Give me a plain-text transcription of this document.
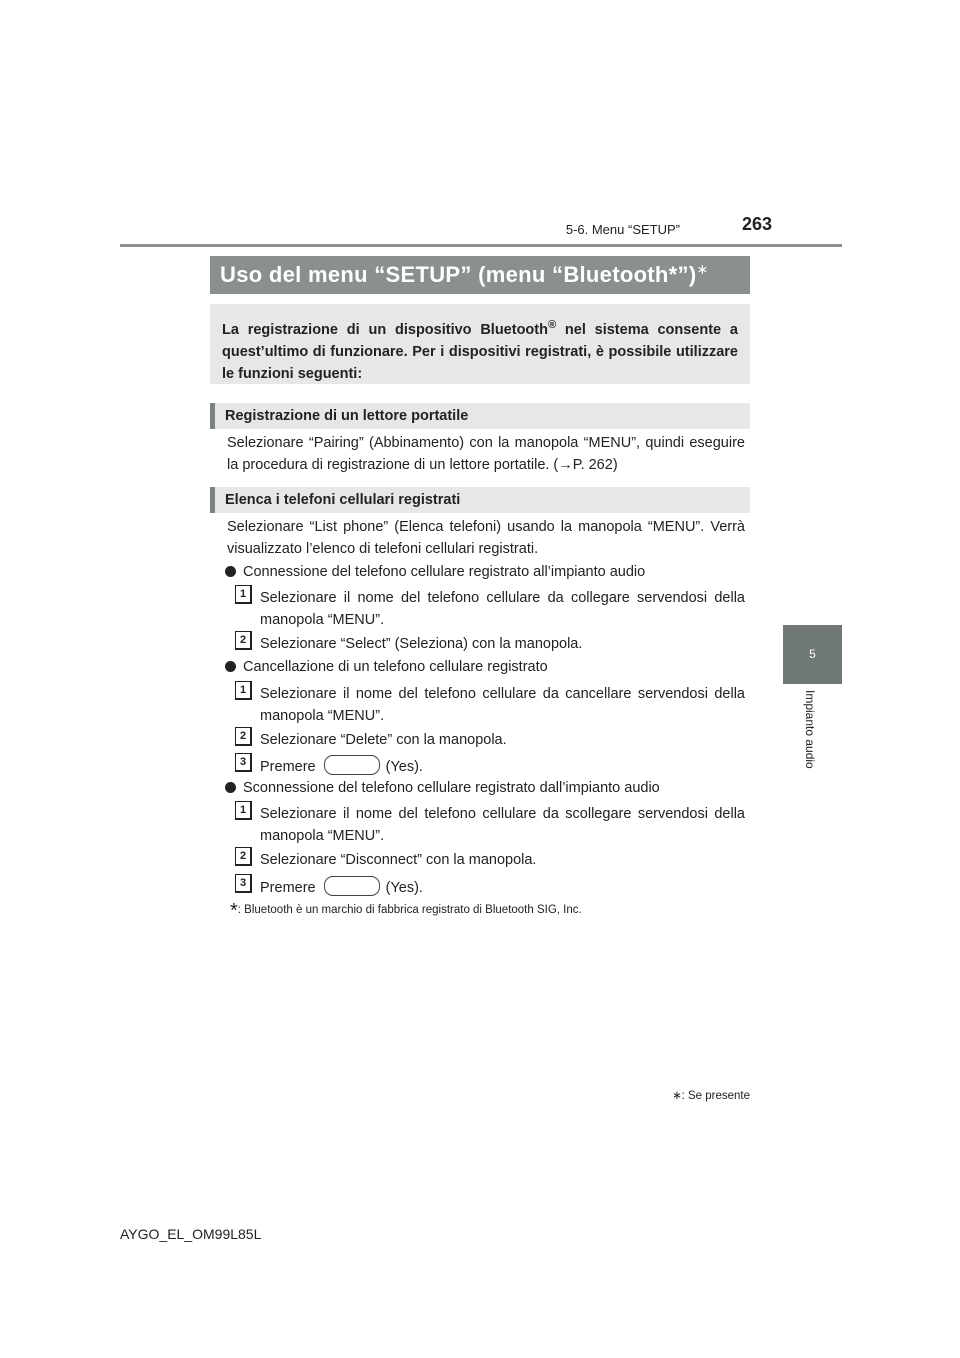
5-6. Menu “SETUP”	263
5
Impianto audio
Uso del menu “SETUP” (menu “Bluetooth*”)∗
La registrazione di un dispositivo Bluetooth® nel sistema consente a quest’ultimo di funzionare. Per i dispositivi registrati, è possibile utilizzare le funzioni seguenti:
Registrazione di un lettore portatile
Selezionare “Pairing” (Abbinamento) con la manopola “MENU”, quindi eseguire la procedura di registrazione di un lettore portatile. (→P. 262)
Elenca i telefoni cellulari registrati
Selezionare “List phone” (Elenca telefoni) usando la manopola “MENU”. Verrà visualizzato l’elenco di telefoni cellulari registrati.
Connessione del telefono cellulare registrato all’impianto audio
1 Selezionare il nome del telefono cellulare da collegare servendosi della manopola “MENU”.
2 Selezionare “Select” (Seleziona) con la manopola.
Cancellazione di un telefono cellulare registrato
1 Selezionare il nome del telefono cellulare da cancellare servendosi della manopola “MENU”.
2 Selezionare “Delete” con la manopola.
3 Premere	(Yes).
Sconnessione del telefono cellulare registrato dall’impianto audio
1 Selezionare il nome del telefono cellulare da scollegare servendosi della manopola “MENU”.
2 Selezionare “Disconnect” con la manopola.
3 Premere	(Yes).
*: Bluetooth è un marchio di fabbrica registrato di Bluetooth SIG, Inc.
∗: Se presente
AYGO_EL_OM99L85L
